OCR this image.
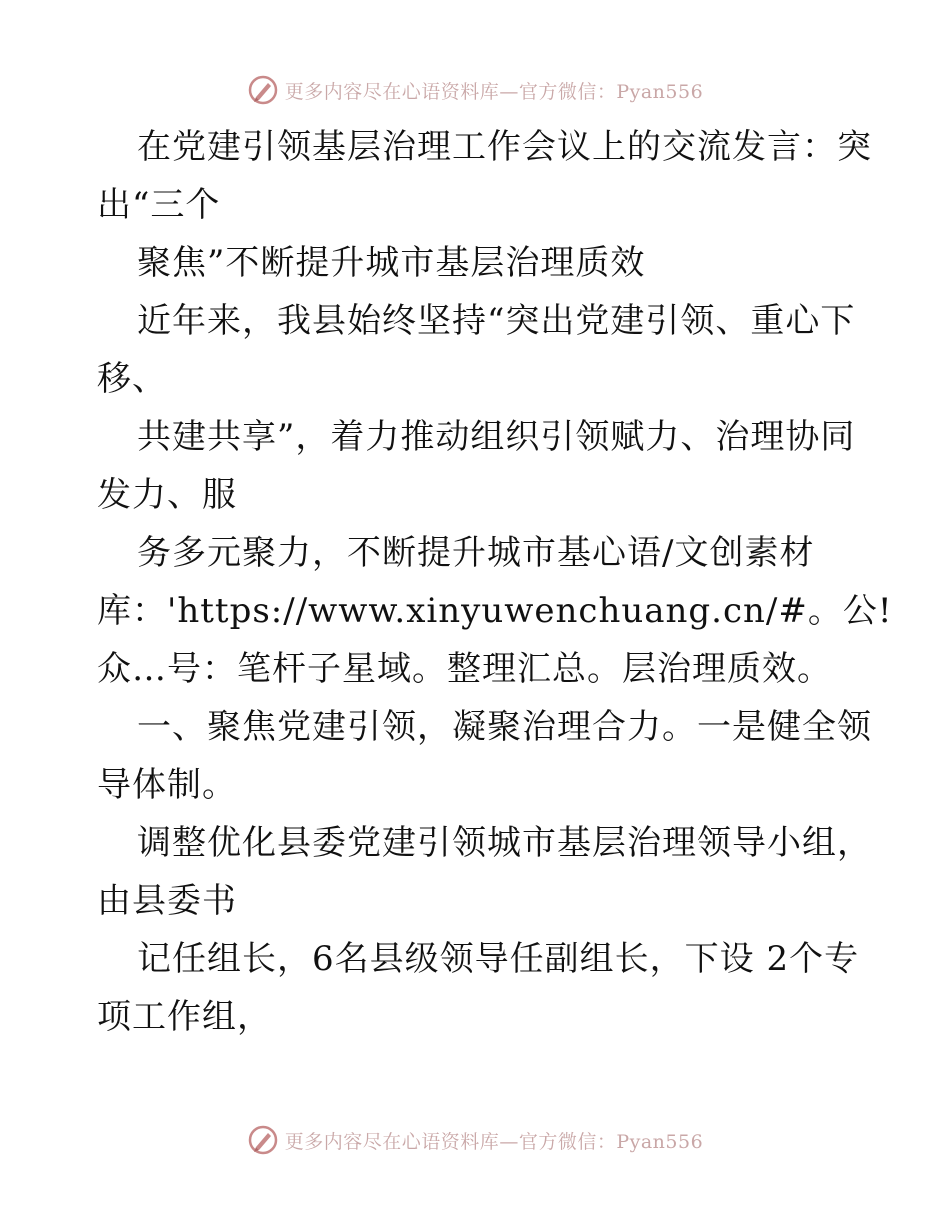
更多内容尽在心语资料库—官方微信：Pyan556
在党建引领基层治理工作会议上的交流发言：突
出“三个
聚焦”不断提升城市基层治理质效
近年来，我县始终坚持“突出党建引领、重心下
移、
共建共享”，着力推动组织引领赋力、治理协同
发力、服
务多元聚力，不断提升城市基心语/文创素材
库：'https://www.xinyuwenchuang.cn/#。公!
众…号：笔杆子星域。整理汇总。层治理质效。
一、聚焦党建引领，凝聚治理合力。一是健全领
导体制。
调整优化县委党建引领城市基层治理领导小组，
由县委书
记任组长，6名县级领导任副组长，下设 2个专
项工作组，
更多内容尽在心语资料库—官方微信：Pyan556
